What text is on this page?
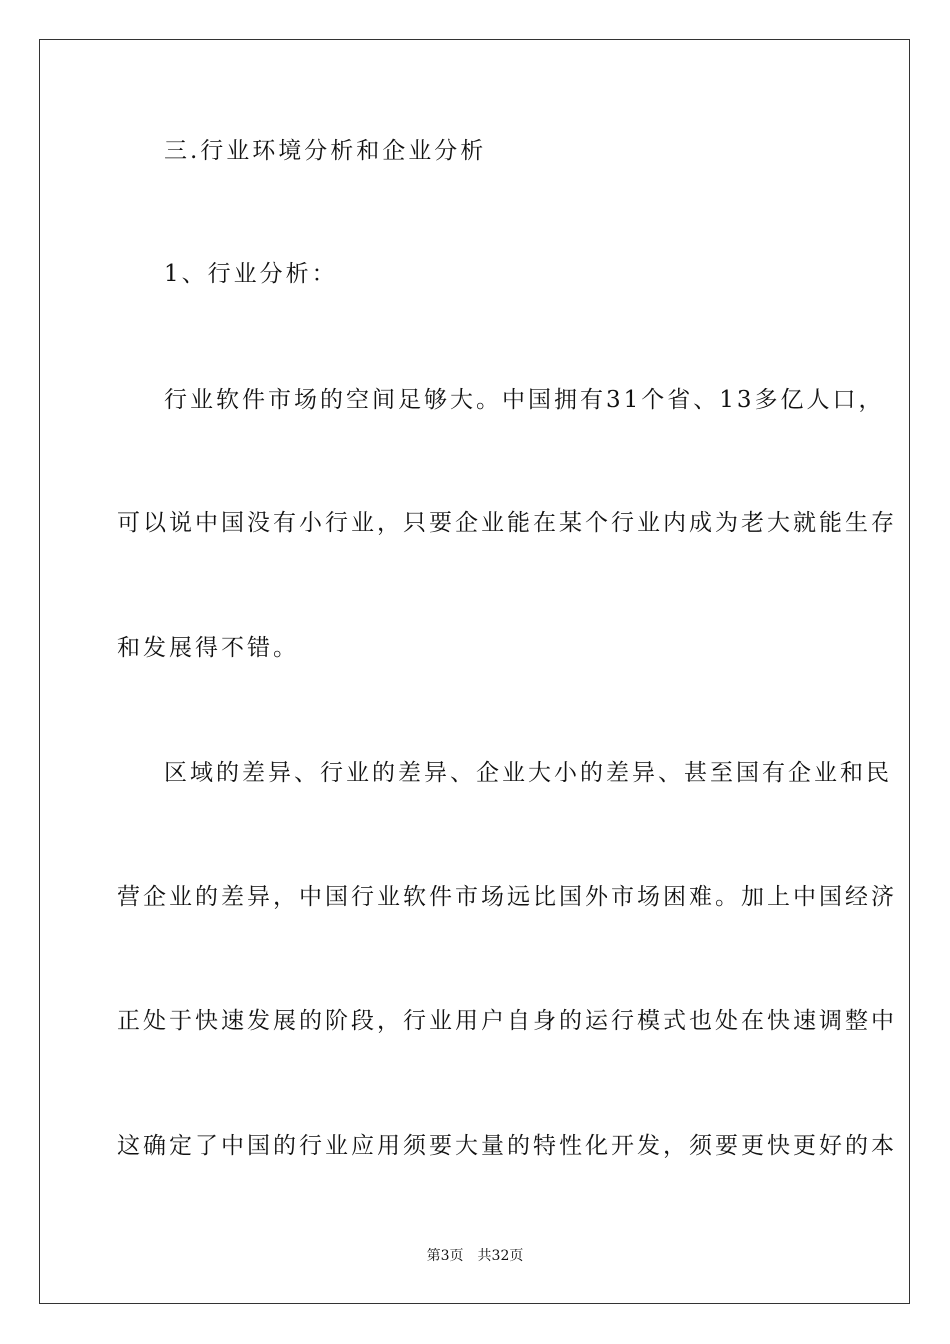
三.行业环境分析和企业分析
1、行业分析：
行业软件市场的空间足够大。中国拥有31个省、13多亿人口，
可以说中国没有小行业，只要企业能在某个行业内成为老大就能生存
和发展得不错。
区域的差异、行业的差异、企业大小的差异、甚至国有企业和民
营企业的差异，中国行业软件市场远比国外市场困难。加上中国经济
正处于快速发展的阶段，行业用户自身的运行模式也处在快速调整中
这确定了中国的行业应用须要大量的特性化开发，须要更快更好的本
第3页 共32页
